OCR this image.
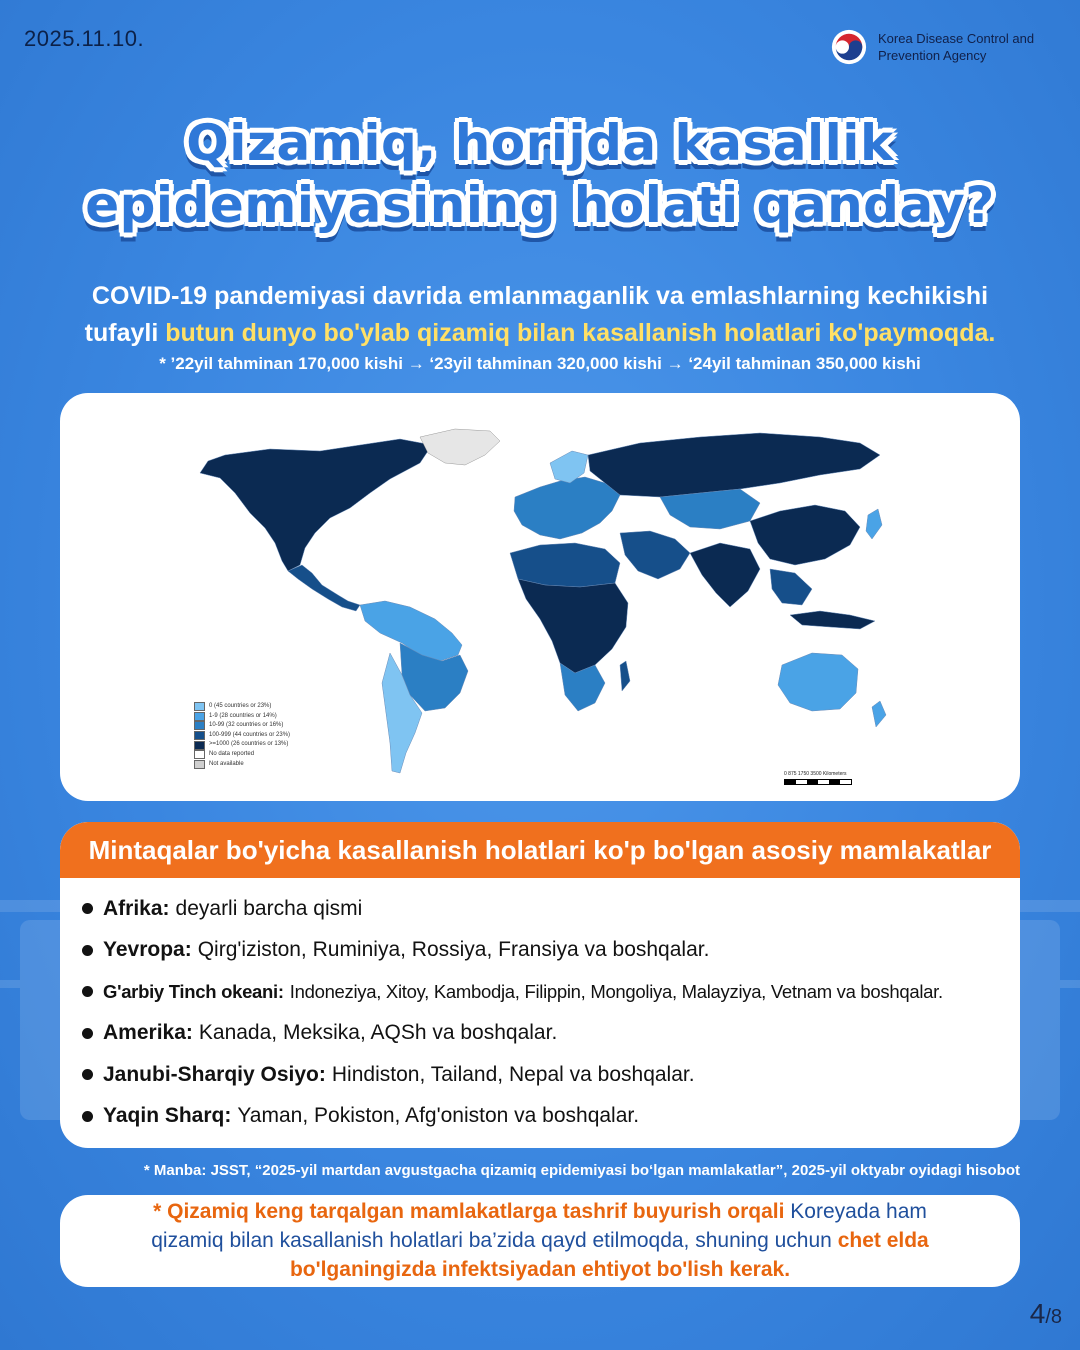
2025.11.10.	Korea Disease Control and
Prevention Agency
Qizamiq, horijda kasallik
epidemiyasining holati qanday?
COVID-19 pandemiyasi davrida emlanmaganlik va emlashlarning kechikishi
tufayli butun dunyo bo'ylab qizamiq bilan kasallanish holatlari ko'paymoqda.
* ’22yil tahminan 170,000 kishi → ‘23yil tahminan 320,000 kishi → ‘24yil tahminan 350,000 kishi
0 (45 countries or 23%)
1-9 (28 countries or 14%)
10-99 (32 countries or 16%)
100-999 (44 countries or 23%)
>=1000 (26 countries or 13%)
No data reported
Not available
0 875 1750 3500 Kilometers
Mintaqalar bo'yicha kasallanish holatlari ko'p bo'lgan asosiy mamlakatlar
Afrika: deyarli barcha qismi
Yevropa: Qirg'iziston, Ruminiya, Rossiya, Fransiya va boshqalar.
G'arbiy Tinch okeani: Indoneziya, Xitoy, Kambodja, Filippin, Mongoliya, Malayziya, Vetnam va boshqalar.
Amerika: Kanada, Meksika, AQSh va boshqalar.
Janubi-Sharqiy Osiyo: Hindiston, Tailand, Nepal va boshqalar.
Yaqin Sharq: Yaman, Pokiston, Afg'oniston va boshqalar.
* Manba: JSST, “2025-yil martdan avgustgacha qizamiq epidemiyasi bo‘lgan mamlakatlar”, 2025-yil oktyabr oyidagi hisobot
* Qizamiq keng tarqalgan mamlakatlarga tashrif buyurish orqali Koreyada ham
qizamiq bilan kasallanish holatlari ba’zida qayd etilmoqda, shuning uchun chet elda
bo'lganingizda infektsiyadan ehtiyot bo'lish kerak.
4/8
